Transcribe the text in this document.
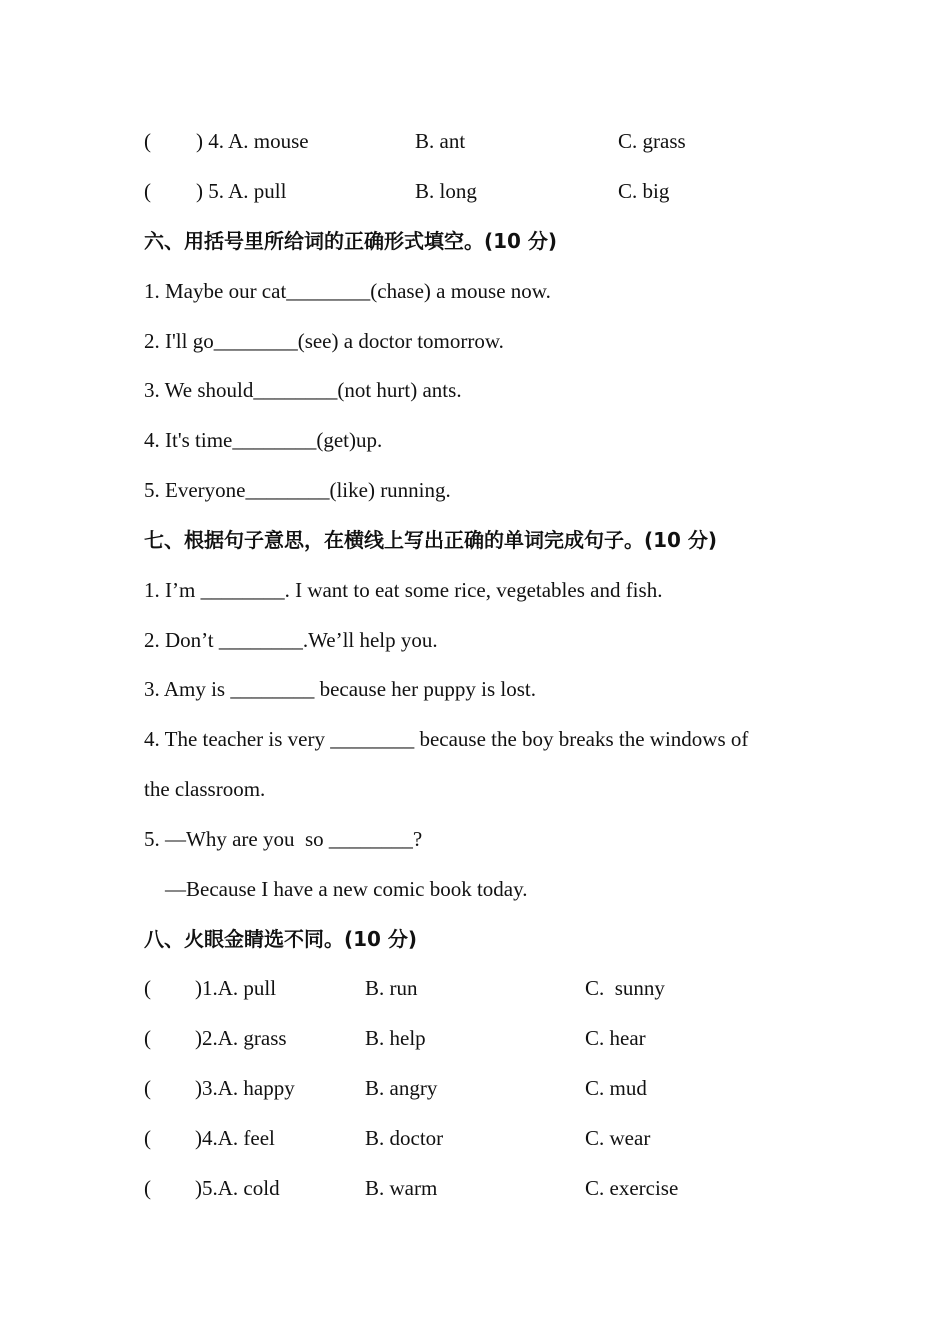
( ) 4. A. mouse	B. ant	C. grass
( ) 5. A. pull	B. long	C. big
六、用括号里所给词的正确形式填空。(10 分)
1. Maybe our cat________(chase) a mouse now.
2. I'll go________(see) a doctor tomorrow.
3. We should________(not hurt) ants.
4. It's time________(get)up.
5. Everyone________(like) running.
七、根据句子意思，在横线上写出正确的单词完成句子。(10 分)
1. I’m ________. I want to eat some rice, vegetables and fish.
2. Don’t ________.We’ll help you.
3. Amy is ________ because her puppy is lost.
4. The teacher is very ________ because the boy breaks the windows of
the classroom.
5. —Why are you  so ________?
—Because I have a new comic book today.
八、火眼金睛选不同。(10 分)
( )1.A. pull	B. run	C.  sunny
( )2.A. grass	B. help	C. hear
( )3.A. happy	B. angry	C. mud
( )4.A. feel	B. doctor	C. wear
( )5.A. cold	B. warm	C. exercise
